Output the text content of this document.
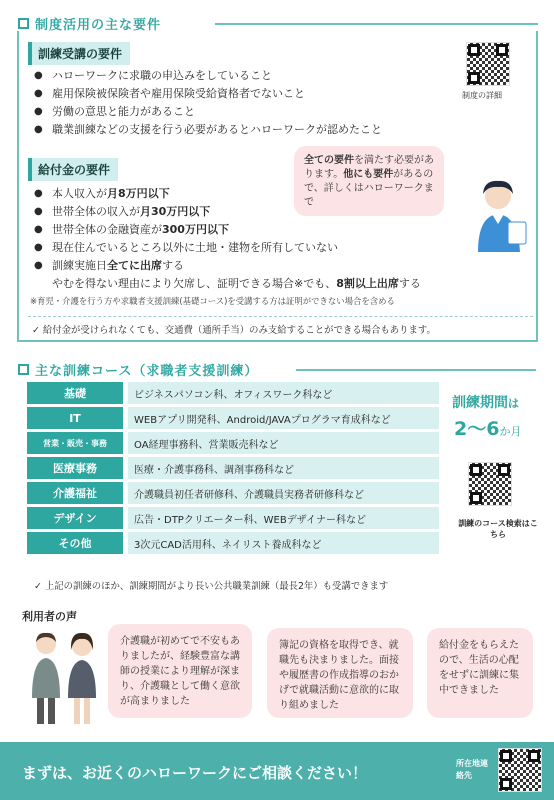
制度活用の主な要件
訓練受講の要件
● ハローワークに求職の申込みをしていること
● 雇用保険被保険者や雇用保険受給資格者でないこと
● 労働の意思と能力があること
● 職業訓練などの支援を行う必要があるとハローワークが認めたこと
制度の詳細
給付金の要件
全ての要件を満たす必要があります。他にも要件があるので、詳しくはハローワークまで
● 本人収入が月8万円以下
● 世帯全体の収入が月30万円以下
● 世帯全体の金融資産が300万円以下
● 現在住んでいるところ以外に土地・建物を所有していない
● 訓練実施日全てに出席する
やむを得ない理由により欠席し、証明できる場合※でも、8割以上出席する
※育児・介護を行う方や求職者支援訓練(基礎コース)を受講する方は証明ができない場合を含める
✓ 給付金が受けられなくても、交通費（通所手当）のみ支給することができる場合もあります。
主な訓練コース（求職者支援訓練）
基礎	ビジネスパソコン科、オフィスワーク科など
IT	WEBアプリ開発科、Android/JAVAプログラマ育成科など
営業・販売・事務	OA経理事務科、営業販売科など
医療事務	医療・介護事務科、調剤事務科など
介護福祉	介護職員初任者研修科、介護職員実務者研修科など
デザイン	広告・DTPクリエーター科、WEBデザイナー科など
その他	3次元CAD活用科、ネイリスト養成科など
訓練期間は
2～6か月
訓練のコース検索はこちら
✓ 上記の訓練のほか、訓練期間がより長い公共職業訓練（最長2年）も受講できます
利用者の声
介護職が初めてで不安もありましたが、経験豊富な講師の授業により理解が深まり、介護職として働く意欲が高まりました
簿記の資格を取得でき、就職先も決まりました。面接や履歴書の作成指導のおかげで就職活動に意欲的に取り組めました
給付金をもらえたので、生活の心配をせずに訓練に集中できました
まずは、お近くのハローワークにご相談ください！
所在地連絡先
